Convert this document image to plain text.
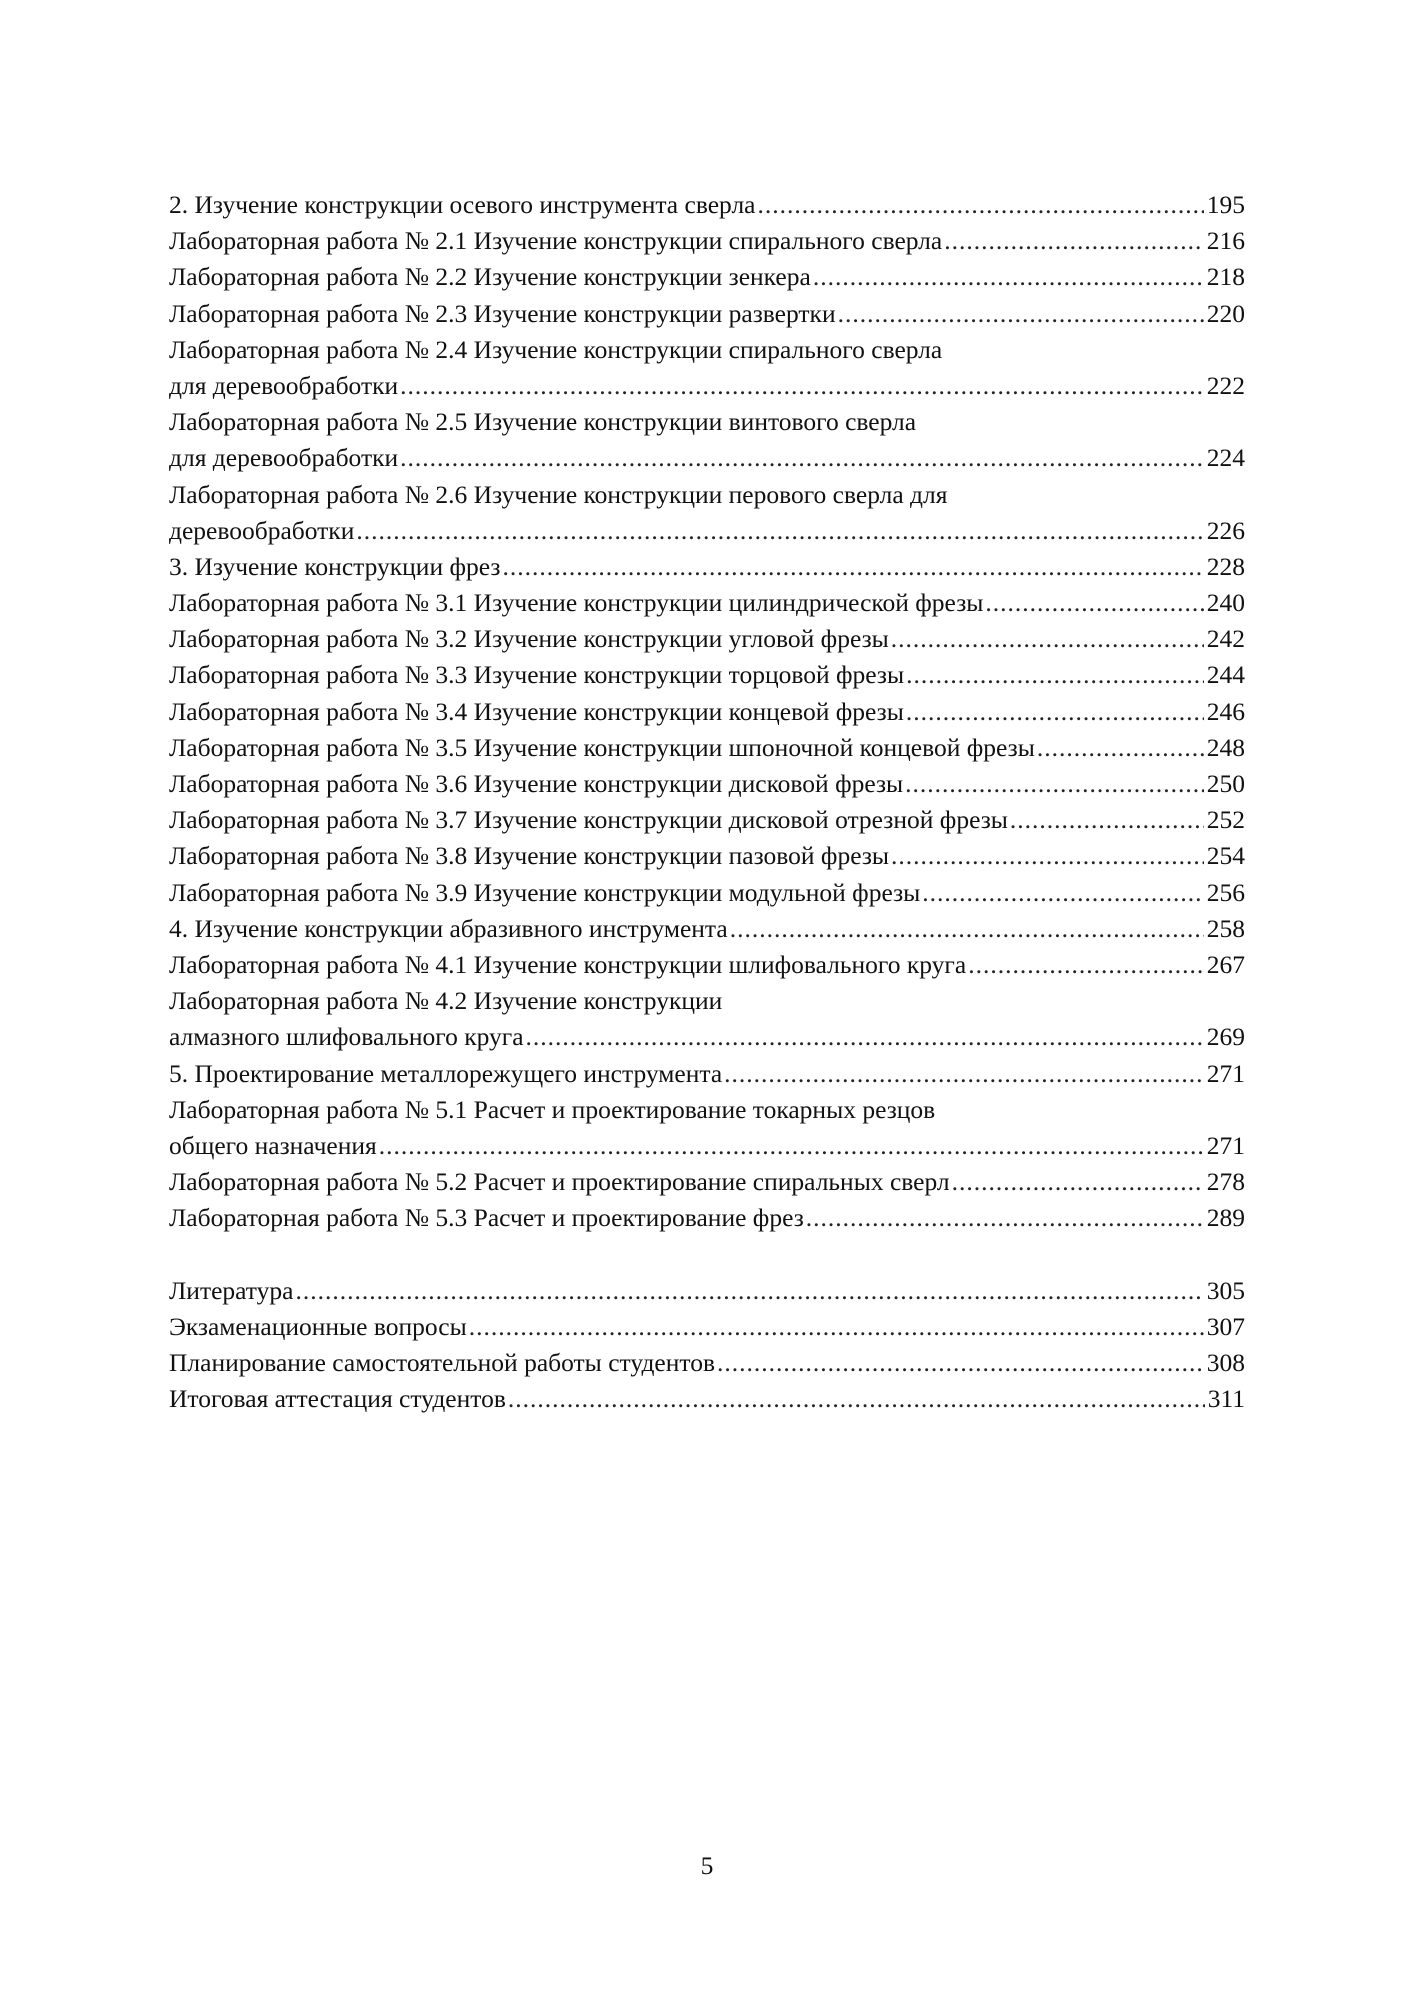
2. Изучение конструкции осевого инструмента сверла .....	195
Лабораторная работа № 2.1 Изучение конструкции спирального сверла .....	216
Лабораторная работа № 2.2 Изучение конструкции зенкера .....	218
Лабораторная работа № 2.3 Изучение конструкции развертки .....	220
Лабораторная работа № 2.4 Изучение конструкции спирального сверла
для деревообработки .....	222
Лабораторная работа № 2.5 Изучение конструкции винтового сверла
для деревообработки .....	224
Лабораторная работа № 2.6 Изучение конструкции перового сверла для
деревообработки .....	226
3. Изучение конструкции фрез .....	228
Лабораторная работа № 3.1 Изучение конструкции цилиндрической фрезы .....	240
Лабораторная работа № 3.2 Изучение конструкции угловой фрезы .....	242
Лабораторная работа № 3.3 Изучение конструкции торцовой фрезы .....	244
Лабораторная работа № 3.4 Изучение конструкции концевой фрезы .....	246
Лабораторная работа № 3.5 Изучение конструкции шпоночной концевой фрезы .....	248
Лабораторная работа № 3.6 Изучение конструкции дисковой фрезы .....	250
Лабораторная работа № 3.7 Изучение конструкции дисковой отрезной фрезы .....	252
Лабораторная работа № 3.8 Изучение конструкции пазовой фрезы .....	254
Лабораторная работа № 3.9 Изучение конструкции модульной фрезы .....	256
4. Изучение конструкции абразивного инструмента .....	258
Лабораторная работа № 4.1 Изучение конструкции шлифовального круга .....	267
Лабораторная работа № 4.2 Изучение конструкции
алмазного шлифовального круга .....	269
5. Проектирование металлорежущего инструмента .....	271
Лабораторная работа № 5.1 Расчет и проектирование токарных резцов
общего назначения .....	271
Лабораторная работа № 5.2 Расчет и проектирование спиральных сверл .....	278
Лабораторная работа № 5.3 Расчет и проектирование фрез .....	289
Литература .....	305
Экзаменационные вопросы .....	307
Планирование самостоятельной работы студентов .....	308
Итоговая аттестация студентов .....	311
5
